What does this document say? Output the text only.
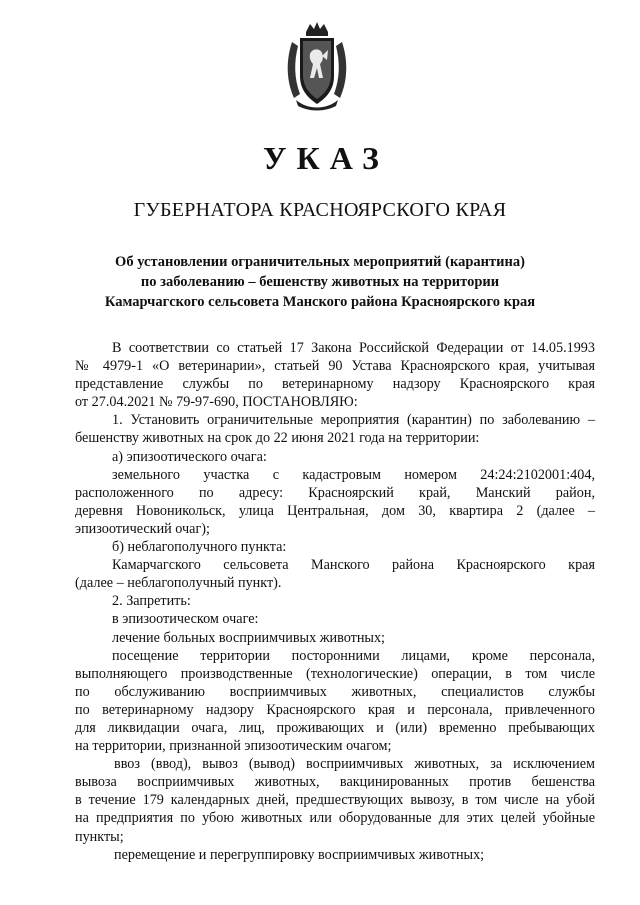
УКАЗ
ГУБЕРНАТОРА КРАСНОЯРСКОГО КРАЯ
Об установлении ограничительных мероприятий (карантина)
по заболеванию – бешенству животных на территории
Камарчагского сельсовета Манского района Красноярского края
В соответствии со статьей 17 Закона Российской Федерации от 14.05.1993
№ 4979-1 «О ветеринарии», статьей 90 Устава Красноярского края, учитывая
представление службы по ветеринарному надзору Красноярского края
от 27.04.2021 № 79-97-690, ПОСТАНОВЛЯЮ:
1. Установить ограничительные мероприятия (карантин) по заболеванию –
бешенству животных на срок до 22 июня 2021 года на территории:
а) эпизоотического очага:
земельного участка с кадастровым номером 24:24:2102001:404,
расположенного по адресу: Красноярский край, Манский район,
деревня Новоникольск, улица Центральная, дом 30, квартира 2 (далее –
эпизоотический очаг);
б) неблагополучного пункта:
Камарчагского сельсовета Манского района Красноярского края
(далее – неблагополучный пункт).
2. Запретить:
в эпизоотическом очаге:
лечение больных восприимчивых животных;
посещение территории посторонними лицами, кроме персонала,
выполняющего производственные (технологические) операции, в том числе
по обслуживанию восприимчивых животных, специалистов службы
по ветеринарному надзору Красноярского края и персонала, привлеченного
для ликвидации очага, лиц, проживающих и (или) временно пребывающих
на территории, признанной эпизоотическим очагом;
ввоз (ввод), вывоз (вывод) восприимчивых животных, за исключением
вывоза восприимчивых животных, вакцинированных против бешенства
в течение 179 календарных дней, предшествующих вывозу, в том числе на убой
на предприятия по убою животных или оборудованные для этих целей убойные
пункты;
перемещение и перегруппировку восприимчивых животных;
